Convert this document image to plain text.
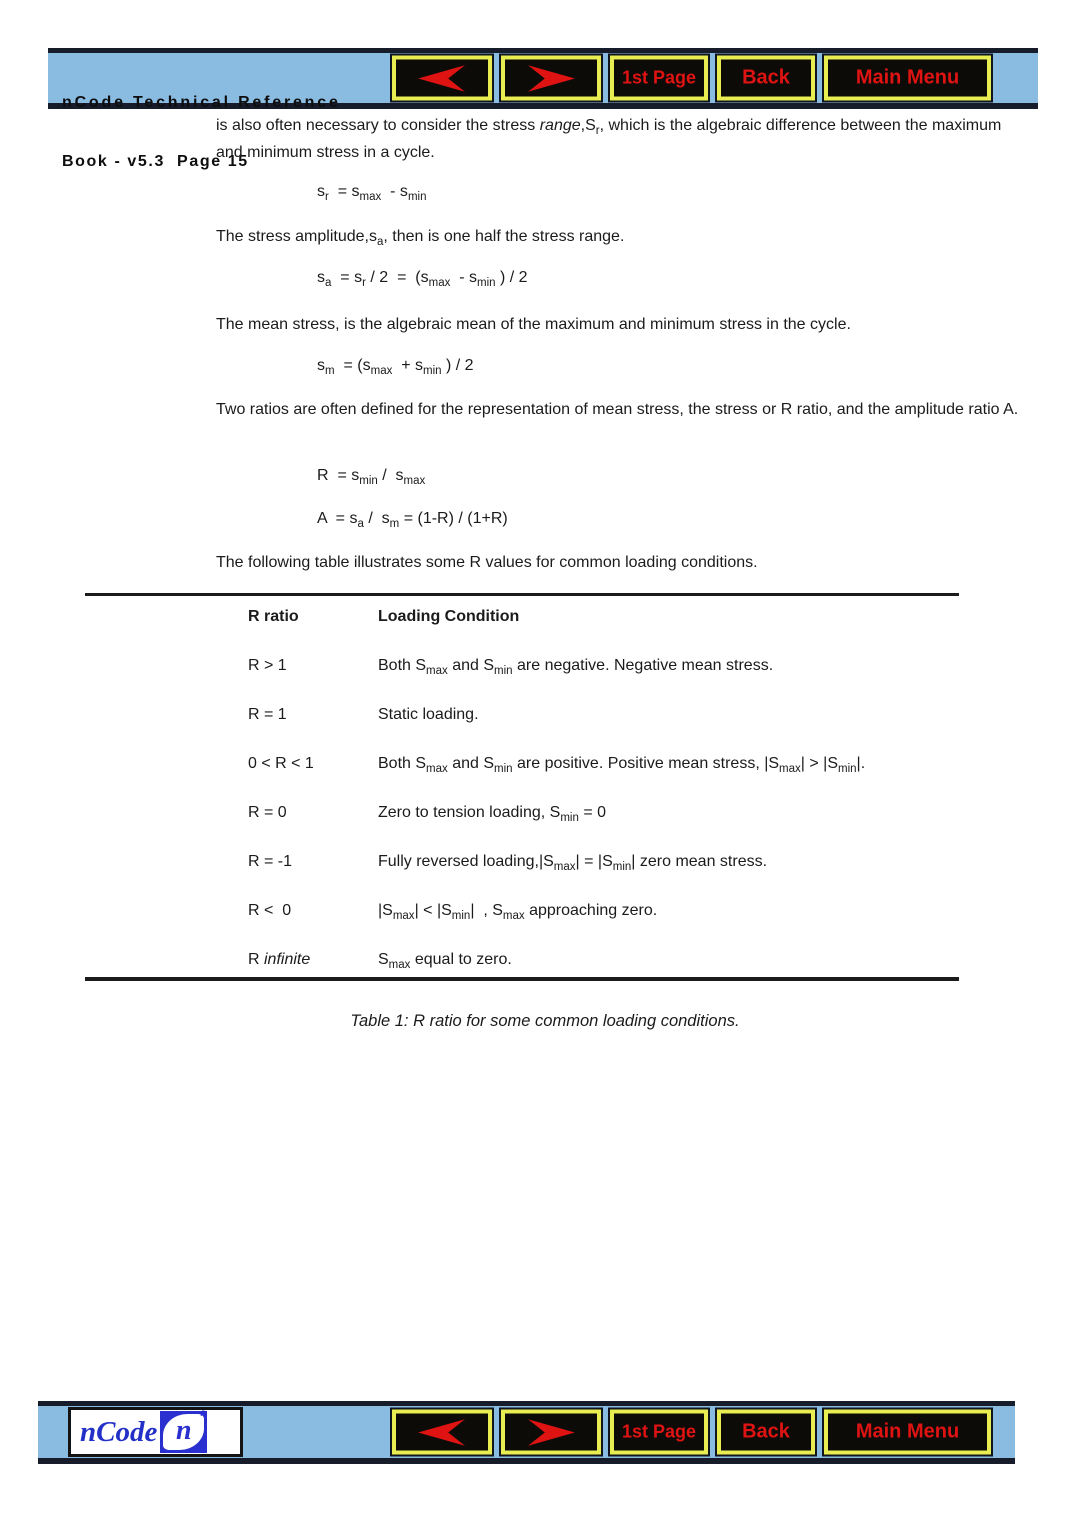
nCode Technical Reference

Book - v5.3  Page 15

1st Page	Back	Main Menu
is also often necessary to consider the stress $range,S_r$, which is the algebraic difference between the maximum and minimum stress in a cycle.
$s_r = s_{max} - s_{min}$
The stress $amplitude,s_a$, then is one half the stress range.
$s_a = s_r / 2 = (s_{max} - s_{min}$ ) / 2
The mean stress, is the algebraic mean of the maximum and minimum stress in the cycle.
$s_m = (s_{max} + s_{min}$ ) / 2
Two ratios are often defined for the representation of mean stress, the stress or R ratio, and the amplitude ratio A.
$R = s_{min} / s_{max}$
$A = s_a / s_m = (1-R) / (1+R)$
The following table illustrates some R values for common loading conditions.
R ratio	Loading Condition
R > 1	Both $S_{max}$ and $S_{min}$ are negative. Negative mean stress.
R = 1	Static loading.
0 < R < 1	Both $S_{max}$ and $S_{min}$ are positive. Positive mean stress, $|S_{max}| > |S_{min}|$.
R = 0	Zero to tension loading, $S_{min} = 0$
R = -1	Fully reversed $loading,|S_{max}| = |S_{min}|$ zero mean stress.
R <  0	$|S_{max}| < |S_{min}|$  , $S_{max}$ approaching zero.
R infinite	$S_{max}$ equal to zero.
Table 1: R ratio for some common loading conditions.
nCode n ′	1st Page	Back	Main Menu
